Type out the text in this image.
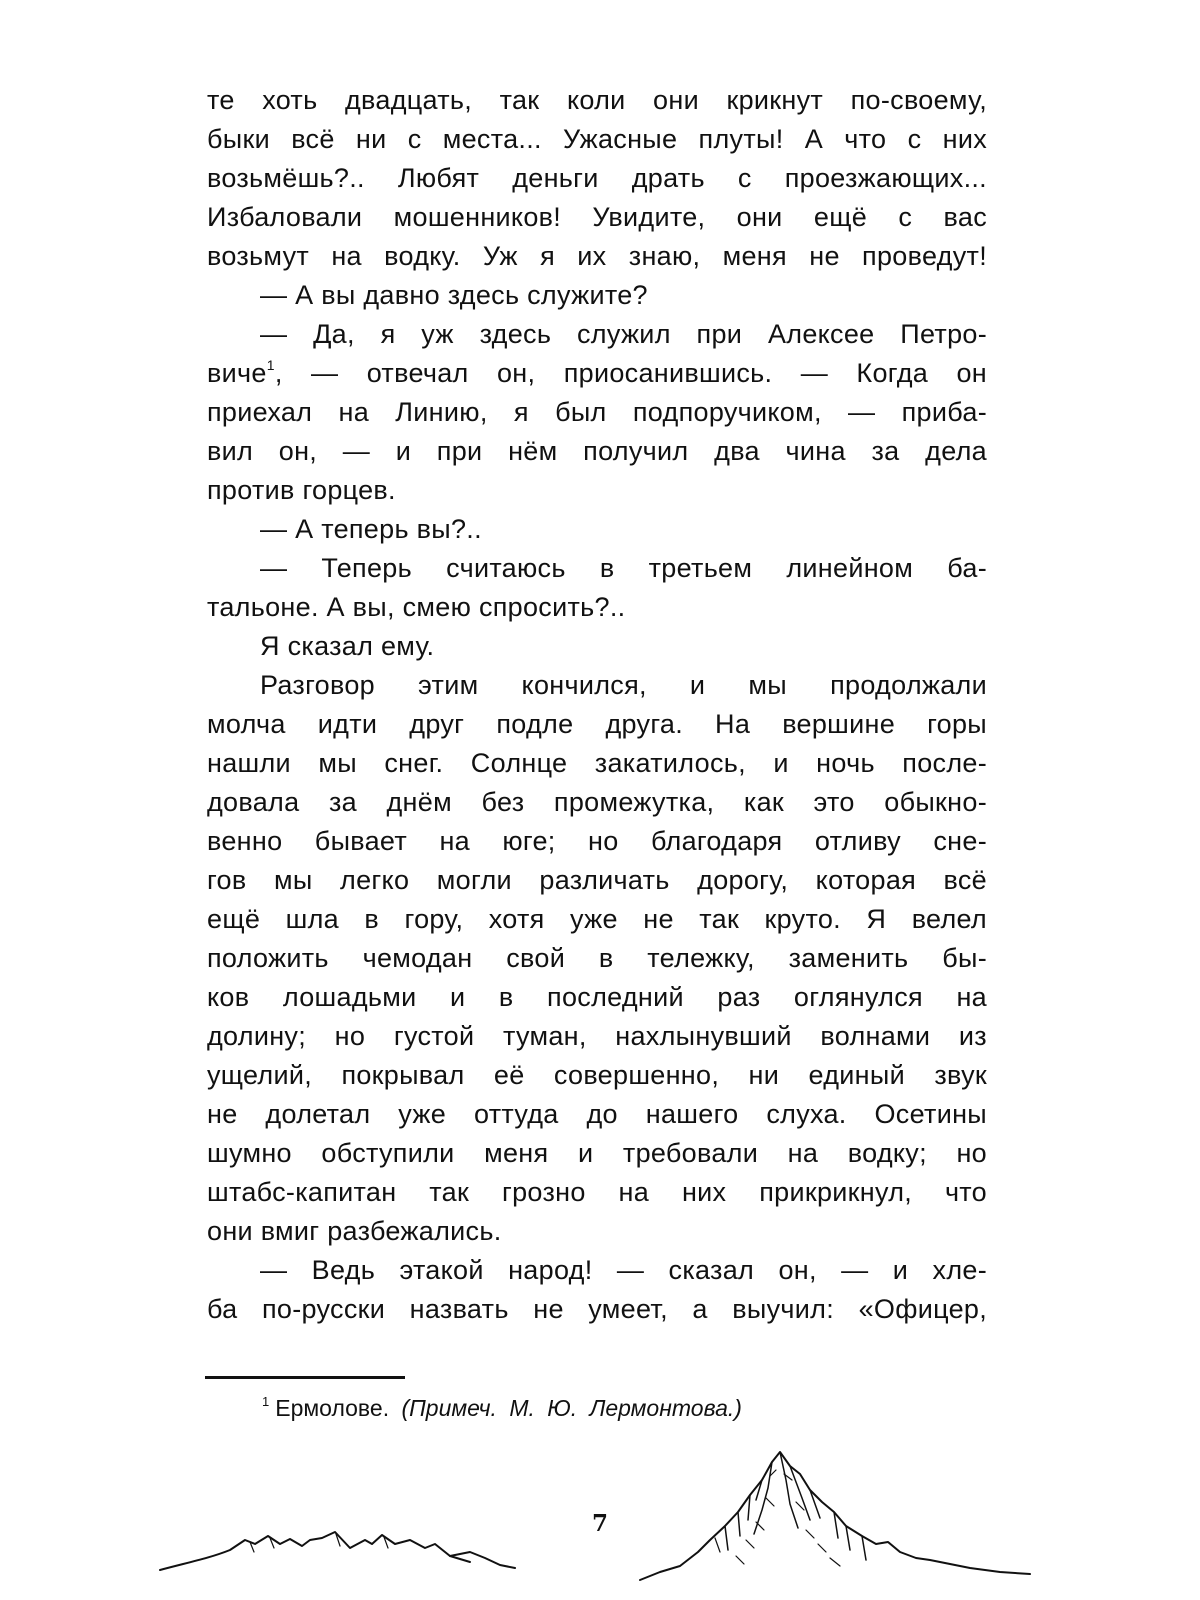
те хоть двадцать, так коли они крикнут по-своему,
быки всё ни с места... Ужасные плуты! А что с них
возьмёшь?.. Любят деньги драть с проезжающих...
Избаловали мошенников! Увидите, они ещё с вас
возьмут на водку. Уж я их знаю, меня не проведут!
— А вы давно здесь служите?
— Да, я уж здесь служил при Алексее Петро-
виче$^1$, — отвечал он, приосанившись. — Когда он
приехал на Линию, я был подпоручиком, — приба-
вил он, — и при нём получил два чина за дела
против горцев.
— А теперь вы?..
— Теперь считаюсь в третьем линейном ба-
тальоне. А вы, смею спросить?..
Я сказал ему.
Разговор этим кончился, и мы продолжали
молча идти друг подле друга. На вершине горы
нашли мы снег. Солнце закатилось, и ночь после-
довала за днём без промежутка, как это обыкно-
венно бывает на юге; но благодаря отливу сне-
гов мы легко могли различать дорогу, которая всё
ещё шла в гору, хотя уже не так круто. Я велел
положить чемодан свой в тележку, заменить бы-
ков лошадьми и в последний раз оглянулся на
долину; но густой туман, нахлынувший волнами из
ущелий, покрывал её совершенно, ни единый звук
не долетал уже оттуда до нашего слуха. Осетины
шумно обступили меня и требовали на водку; но
штабс-капитан так грозно на них прикрикнул, что
они вмиг разбежались.
— Ведь этакой народ! — сказал он, — и хле-
ба по-русски назвать не умеет, а выучил: «Офицер,
$^1$ Ермолове. (Примеч. М. Ю. Лермонтова.)
7
